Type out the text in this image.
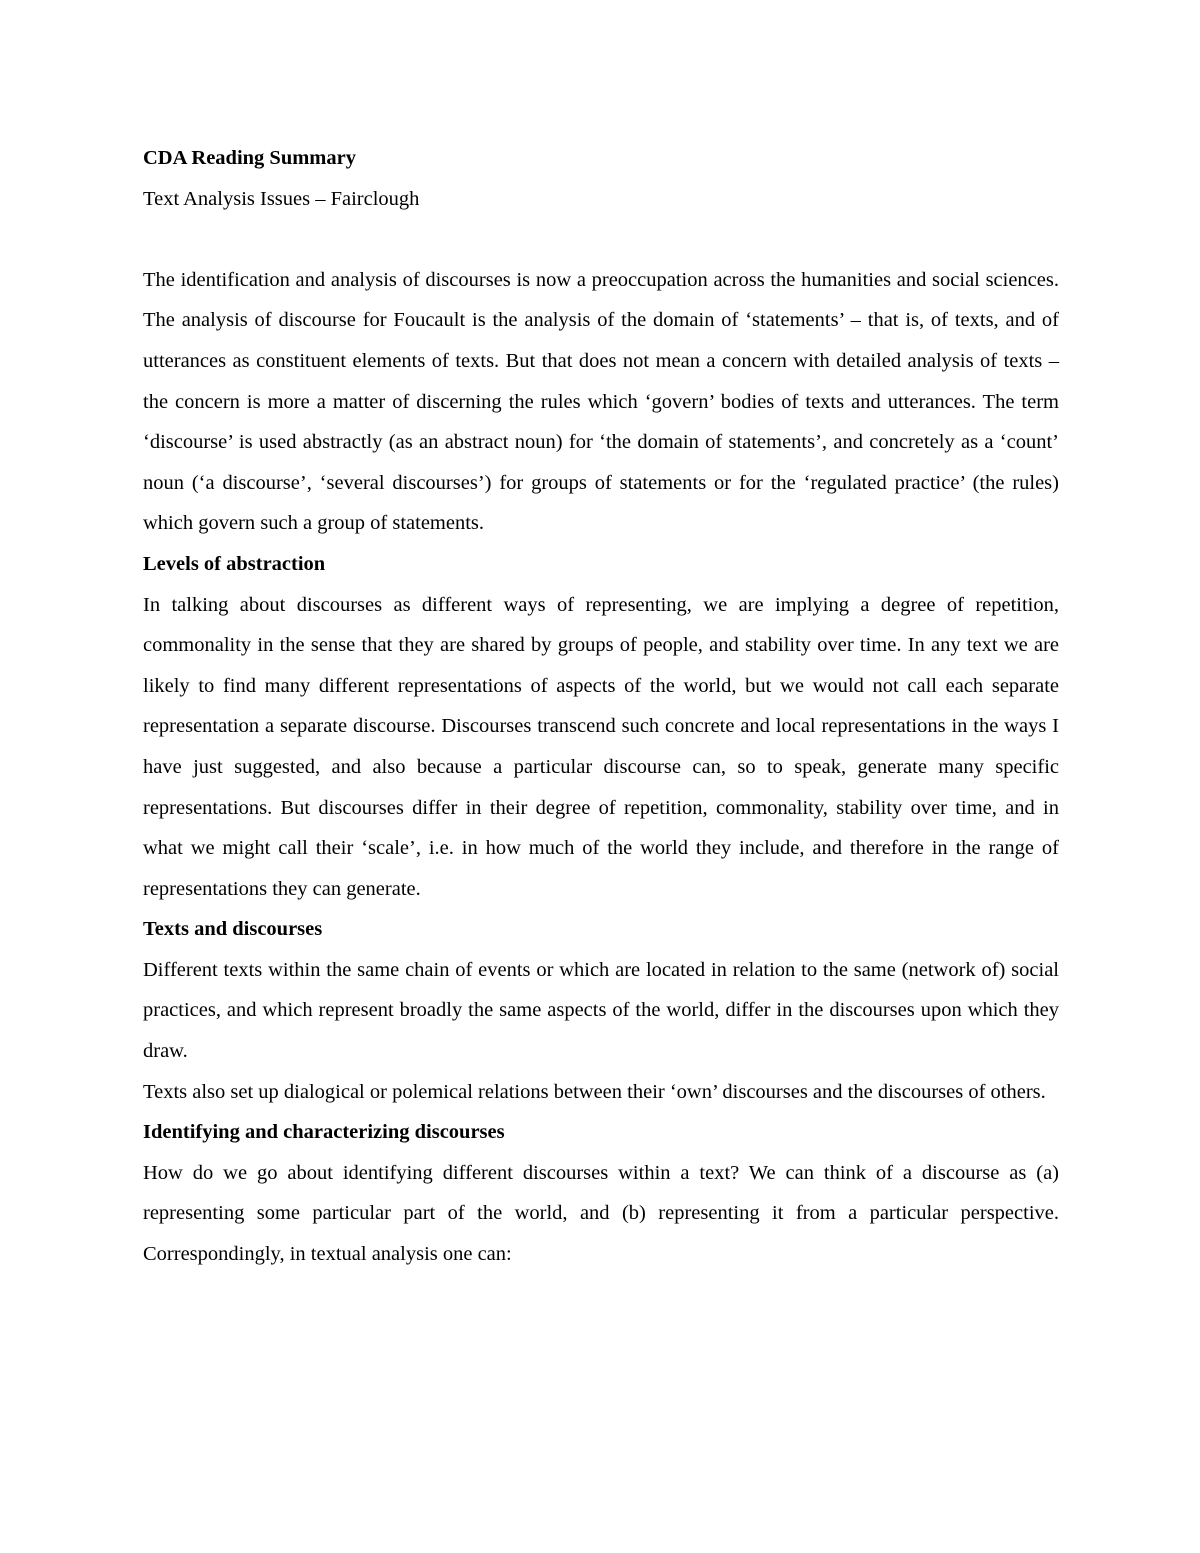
CDA Reading Summary

Text Analysis Issues – Fairclough

The identification and analysis of discourses is now a preoccupation across the humanities and social sciences. The analysis of discourse for Foucault is the analysis of the domain of ‘statements’ – that is, of texts, and of utterances as constituent elements of texts. But that does not mean a concern with detailed analysis of texts – the concern is more a matter of discerning the rules which ‘govern’ bodies of texts and utterances. The term ‘discourse’ is used abstractly (as an abstract noun) for ‘the domain of statements’, and concretely as a ‘count’ noun (‘a discourse’, ‘several discourses’) for groups of statements or for the ‘regulated practice’ (the rules) which govern such a group of statements.

Levels of abstraction

In talking about discourses as different ways of representing, we are implying a degree of repetition, commonality in the sense that they are shared by groups of people, and stability over time. In any text we are likely to find many different representations of aspects of the world, but we would not call each separate representation a separate discourse. Discourses transcend such concrete and local representations in the ways I have just suggested, and also because a particular discourse can, so to speak, generate many specific representations. But discourses differ in their degree of repetition, commonality, stability over time, and in what we might call their ‘scale’, i.e. in how much of the world they include, and therefore in the range of representations they can generate.

Texts and discourses

Different texts within the same chain of events or which are located in relation to the same (network of) social practices, and which represent broadly the same aspects of the world, differ in the discourses upon which they draw.

Texts also set up dialogical or polemical relations between their ‘own’ discourses and the discourses of others.

Identifying and characterizing discourses

How do we go about identifying different discourses within a text? We can think of a discourse as (a) representing some particular part of the world, and (b) representing it from a particular perspective. Correspondingly, in textual analysis one can:
